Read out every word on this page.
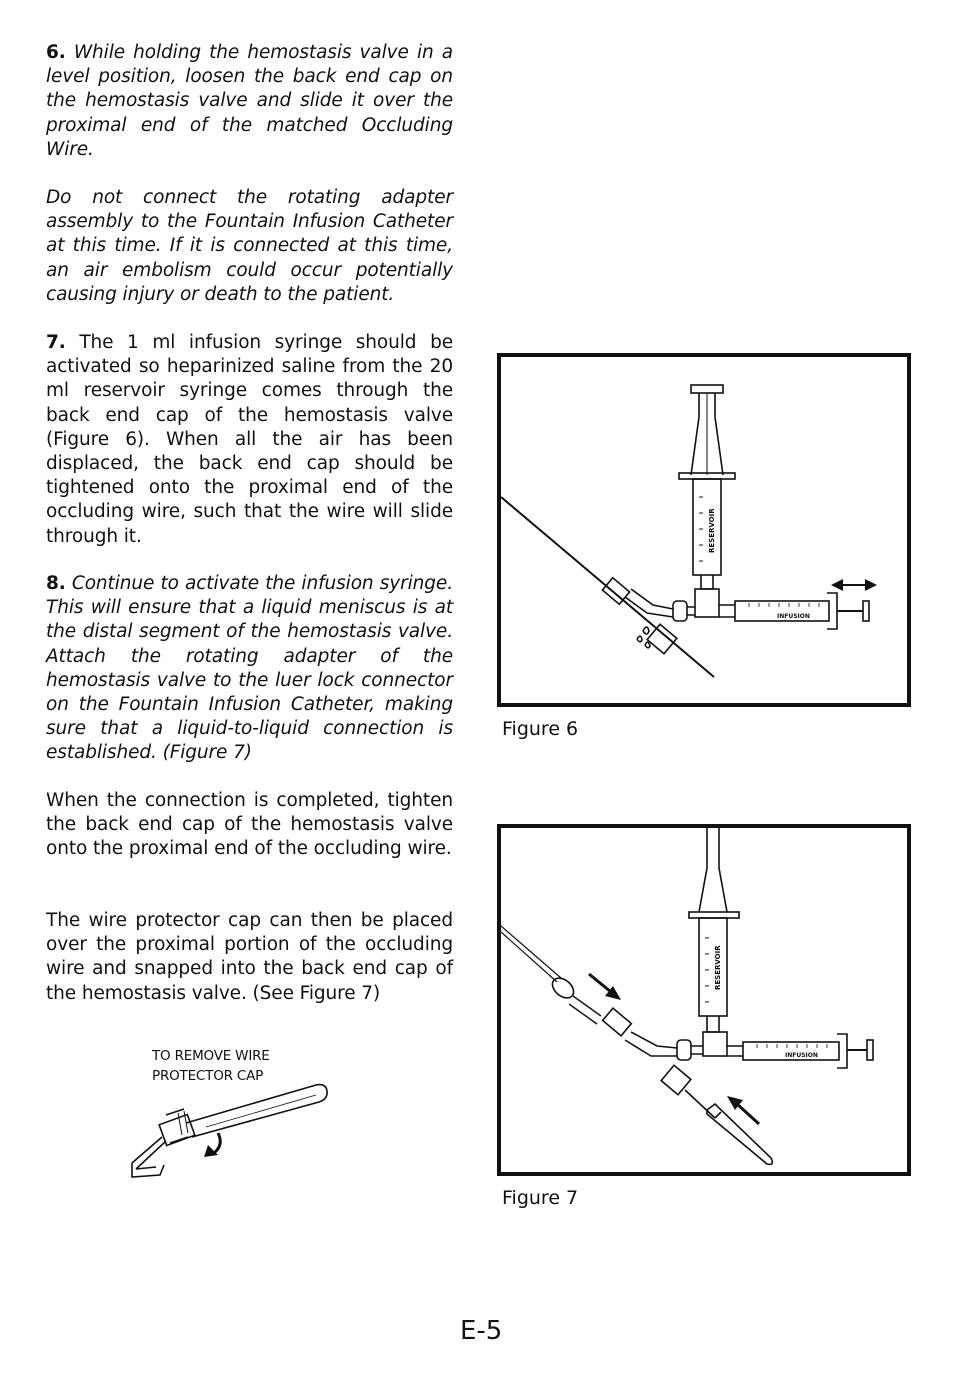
6. While holding the hemostasis valve in a level position, loosen the back end cap on the hemostasis valve and slide it over the proximal end of the matched Occluding Wire.

Do not connect the rotating adapter assembly to the Fountain Infusion Catheter at this time. If it is connected at this time, an air embolism could occur potentially causing injury or death to the patient.

7. The 1 ml infusion syringe should be activated so heparinized saline from the 20 ml reservoir syringe comes through the back end cap of the hemostasis valve (Figure 6). When all the air has been displaced, the back end cap should be tightened onto the proximal end of the occluding wire, such that the wire will slide through it.

8. Continue to activate the infusion syringe. This will ensure that a liquid meniscus is at the distal segment of the hemostasis valve. Attach the rotating adapter of the hemostasis valve to the luer lock connector on the Fountain Infusion Catheter, making sure that a liquid-to-liquid connection is established. (Figure 7)

When the connection is completed, tighten the back end cap of the hemostasis valve onto the proximal end of the occluding wire.

The wire protector cap can then be placed over the proximal portion of the occluding wire and snapped into the back end cap of the hemostasis valve. (See Figure 7)

TO REMOVE WIRE
PROTECTOR CAP
RESERVOIR
INFUSION
Figure 6
RESERVOIR
INFUSION
Figure 7
E-5
